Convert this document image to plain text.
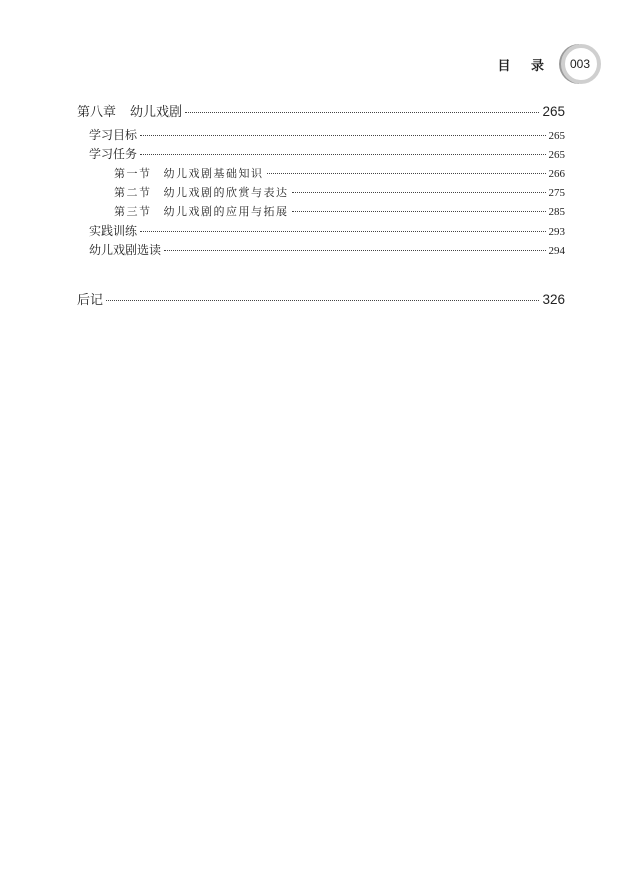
目 录	003
第八章 幼儿戏剧	265
学习目标	265
学习任务	265
第一节 幼儿戏剧基础知识	266
第二节 幼儿戏剧的欣赏与表达	275
第三节 幼儿戏剧的应用与拓展	285
实践训练	293
幼儿戏剧选读	294
后记	326
